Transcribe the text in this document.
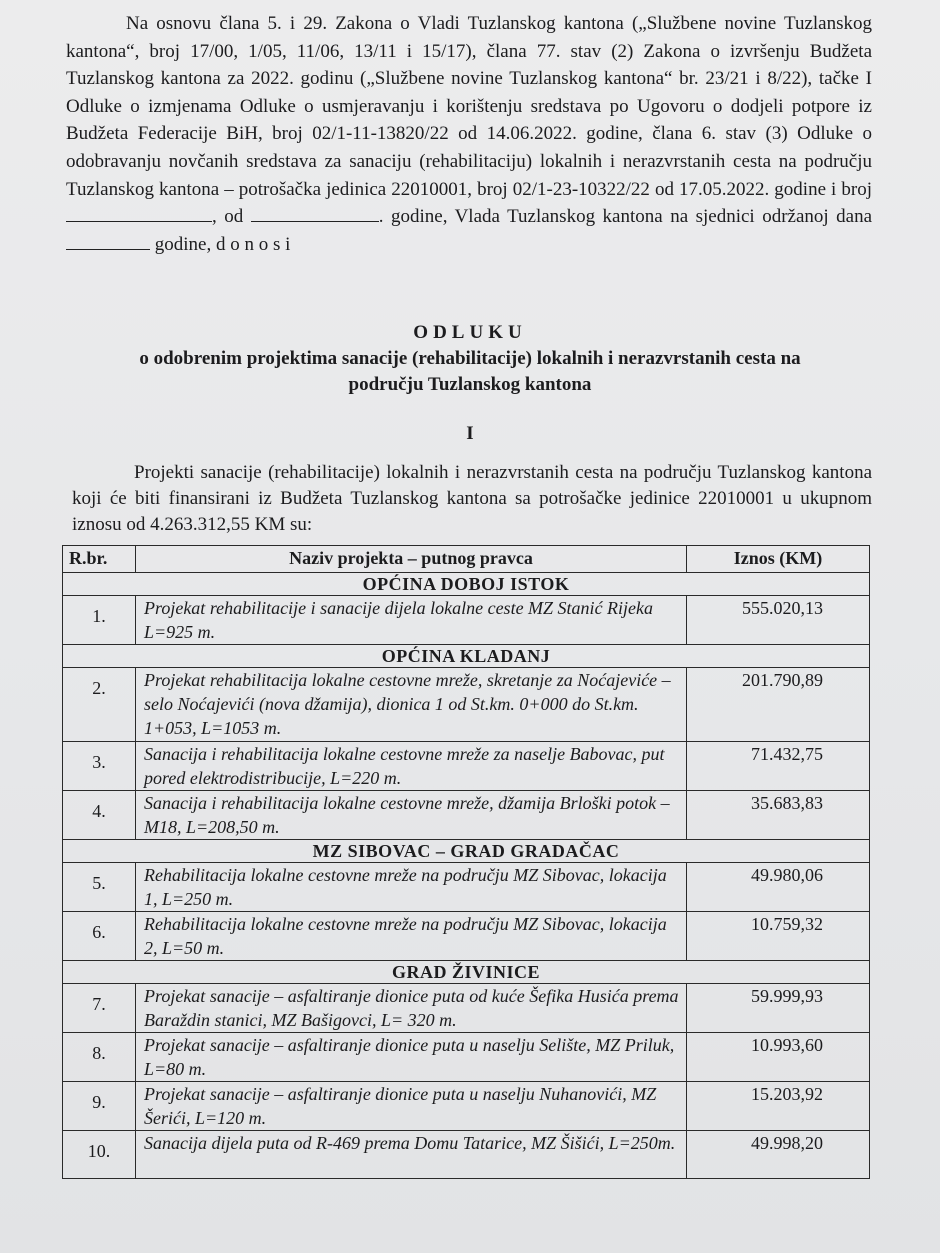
Na osnovu člana 5. i 29. Zakona o Vladi Tuzlanskog kantona („Službene novine Tuzlanskog kantona“, broj 17/00, 1/05, 11/06, 13/11 i 15/17), člana 77. stav (2) Zakona o izvršenju Budžeta Tuzlanskog kantona za 2022. godinu („Službene novine Tuzlanskog kantona“ br. 23/21 i 8/22), tačke I Odluke o izmjenama Odluke o usmjeravanju i korištenju sredstava po Ugovoru o dodjeli potpore iz Budžeta Federacije BiH, broj 02/1-11-13820/22 od 14.06.2022. godine, člana 6. stav (3) Odluke o odobravanju novčanih sredstava za sanaciju (rehabilitaciju) lokalnih i nerazvrstanih cesta na području Tuzlanskog kantona – potrošačka jedinica 22010001, broj 02/1-23-10322/22 od 17.05.2022. godine i broj , od	. godine, Vlada Tuzlanskog kantona na sjednici održanoj dana  godine, d o n o s i

ODLUKU

o odobrenim projektima sanacije (rehabilitacije) lokalnih i nerazvrstanih cesta na
području Tuzlanskog kantona

I

Projekti sanacije (rehabilitacije) lokalnih i nerazvrstanih cesta na području Tuzlanskog kantona koji će biti finansirani iz Budžeta Tuzlanskog kantona sa potrošačke jedinice 22010001 u ukupnom iznosu od 4.263.312,55 KM su:

R.br.	Naziv projekta – putnog pravca	Iznos (KM)
OPĆINA DOBOJ ISTOK		
1.	Projekat rehabilitacije i sanacije dijela lokalne ceste MZ Stanić Rijeka L=925 m.	555.020,13
OPĆINA KLADANJ		
2.	Projekat rehabilitacija lokalne cestovne mreže, skretanje za Noćajeviće – selo Noćajevići (nova džamija), dionica 1 od St.km. 0+000 do St.km. 1+053, L=1053 m.	201.790,89
3.	Sanacija i rehabilitacija lokalne cestovne mreže za naselje Babovac, put pored elektrodistribucije, L=220 m.	71.432,75
4.	Sanacija i rehabilitacija lokalne cestovne mreže, džamija Brloški potok – M18, L=208,50 m.	35.683,83
MZ SIBOVAC – GRAD GRADAČAC		
5.	Rehabilitacija lokalne cestovne mreže na području MZ Sibovac, lokacija 1, L=250 m.	49.980,06
6.	Rehabilitacija lokalne cestovne mreže na području MZ Sibovac, lokacija 2, L=50 m.	10.759,32
GRAD ŽIVINICE		
7.	Projekat sanacije – asfaltiranje dionice puta od kuće Šefika Husića prema Baraždin stanici, MZ Bašigovci, L= 320 m.	59.999,93
8.	Projekat sanacije – asfaltiranje dionice puta u naselju Selište, MZ Priluk, L=80 m.	10.993,60
9.	Projekat sanacije – asfaltiranje dionice puta u naselju Nuhanovići, MZ Šerići, L=120 m.	15.203,92
10.	Sanacija dijela puta od R-469 prema Domu Tatarice, MZ Šišići, L=250m.	49.998,20
